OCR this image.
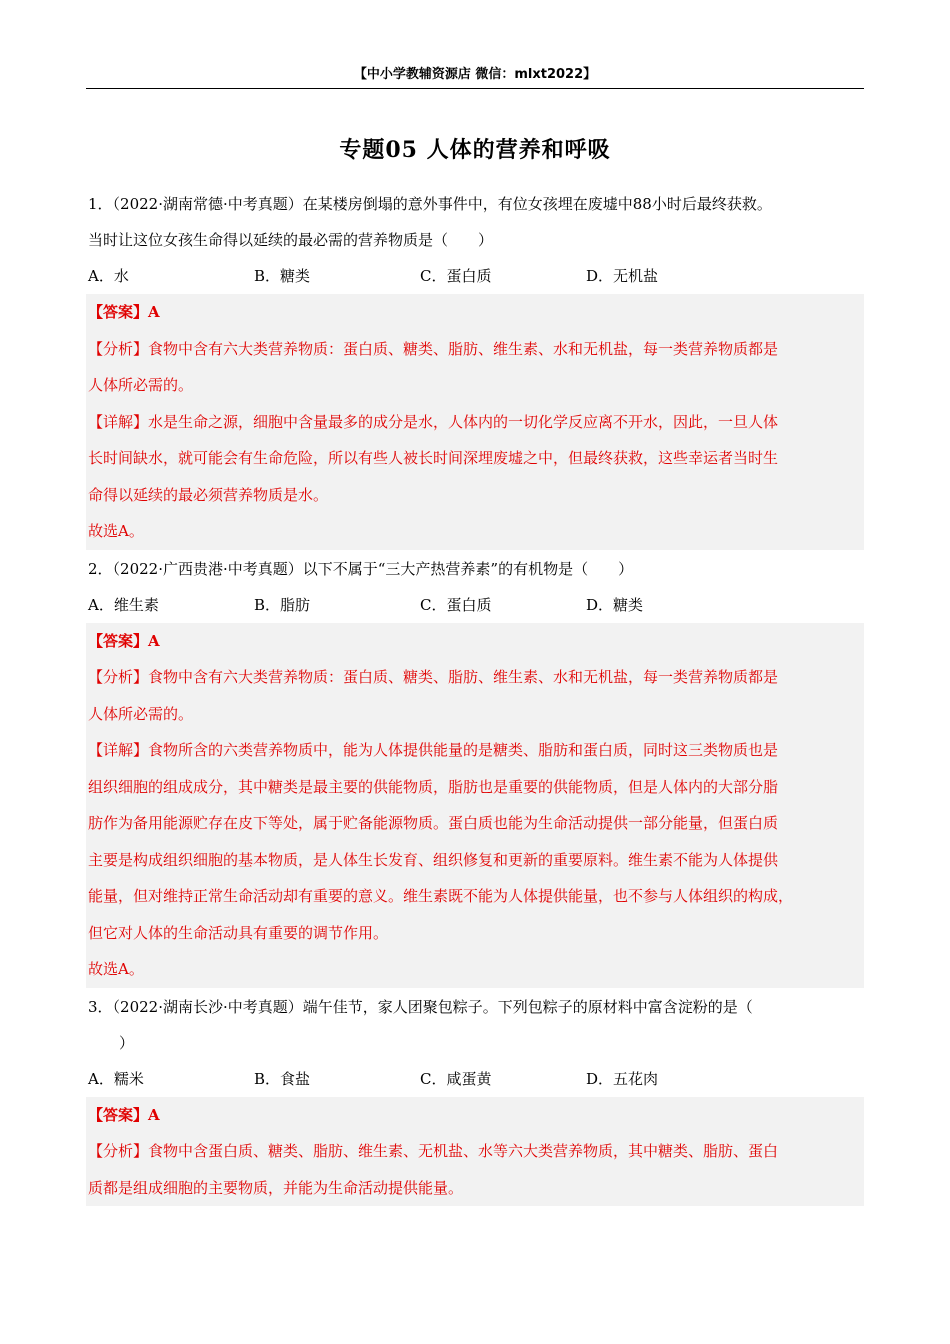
【中小学教辅资源店 微信：mlxt2022】
专题05 人体的营养和呼吸
1．（2022·湖南常德·中考真题）在某楼房倒塌的意外事件中，有位女孩埋在废墟中88小时后最终获救。
当时让这位女孩生命得以延续的最必需的营养物质是（　　）
A．水	B．糖类	C．蛋白质	D．无机盐
【答案】A
【分析】食物中含有六大类营养物质：蛋白质、糖类、脂肪、维生素、水和无机盐，每一类营养物质都是
人体所必需的。
【详解】水是生命之源，细胞中含量最多的成分是水，人体内的一切化学反应离不开水，因此，一旦人体
长时间缺水，就可能会有生命危险，所以有些人被长时间深埋废墟之中，但最终获救，这些幸运者当时生
命得以延续的最必须营养物质是水。
故选A。
2．（2022·广西贵港·中考真题）以下不属于“三大产热营养素”的有机物是（　　）
A．维生素	B．脂肪	C．蛋白质	D．糖类
【答案】A
【分析】食物中含有六大类营养物质：蛋白质、糖类、脂肪、维生素、水和无机盐，每一类营养物质都是
人体所必需的。
【详解】食物所含的六类营养物质中，能为人体提供能量的是糖类、脂肪和蛋白质，同时这三类物质也是
组织细胞的组成成分，其中糖类是最主要的供能物质，脂肪也是重要的供能物质，但是人体内的大部分脂
肪作为备用能源贮存在皮下等处，属于贮备能源物质。蛋白质也能为生命活动提供一部分能量，但蛋白质
主要是构成组织细胞的基本物质，是人体生长发育、组织修复和更新的重要原料。维生素不能为人体提供
能量，但对维持正常生命活动却有重要的意义。维生素既不能为人体提供能量，也不参与人体组织的构成，
但它对人体的生命活动具有重要的调节作用。
故选A。
3．（2022·湖南长沙·中考真题）端午佳节，家人团聚包粽子。下列包粽子的原材料中富含淀粉的是（
　）
A．糯米	B．食盐	C．咸蛋黄	D．五花肉
【答案】A
【分析】食物中含蛋白质、糖类、脂肪、维生素、无机盐、水等六大类营养物质，其中糖类、脂肪、蛋白
质都是组成细胞的主要物质，并能为生命活动提供能量。
